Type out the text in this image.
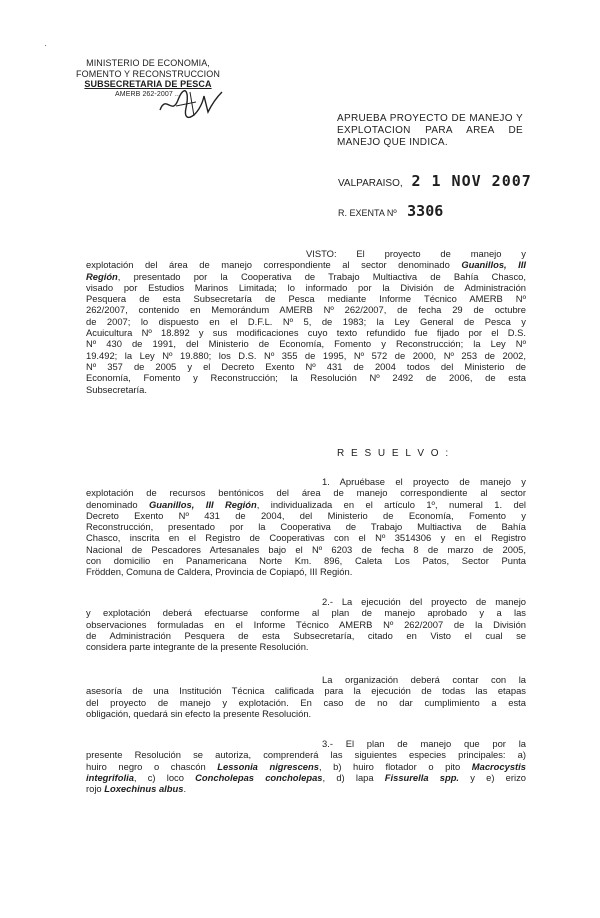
·
MINISTERIO DE ECONOMIA,
FOMENTO Y RECONSTRUCCION
SUBSECRETARIA DE PESCA
AMERB 262-2007 ...
APRUEBA PROYECTO DE MANEJO Y
EXPLOTACION PARA AREA DE
MANEJO QUE INDICA.
VALPARAISO, 2 1 NOV 2007
R. EXENTA Nº 3306
VISTO: El proyecto de manejo y
explotación del área de manejo correspondiente al sector denominado Guanillos, III
Región, presentado por la Cooperativa de Trabajo Multiactiva de Bahía Chasco,
visado por Estudios Marinos Limitada; lo informado por la División de Administración
Pesquera de esta Subsecretaría de Pesca mediante Informe Técnico AMERB Nº
262/2007, contenido en Memorándum AMERB Nº 262/2007, de fecha 29 de octubre
de 2007; lo dispuesto en el D.F.L. Nº 5, de 1983; la Ley General de Pesca y
Acuicultura Nº 18.892 y sus modificaciones cuyo texto refundido fue fijado por el D.S.
Nº 430 de 1991, del Ministerio de Economía, Fomento y Reconstrucción; la Ley Nº
19.492; la Ley Nº 19.880; los D.S. Nº 355 de 1995, Nº 572 de 2000, Nº 253 de 2002,
Nº 357 de 2005 y el Decreto Exento Nº 431 de 2004 todos del Ministerio de
Economía, Fomento y Reconstrucción; la Resolución Nº 2492 de 2006, de esta
Subsecretaría.
R E S U E L V O :
1. Apruébase el proyecto de manejo y
explotación de recursos bentónicos del área de manejo correspondiente al sector
denominado Guanillos, III Región, individualizada en el artículo 1º, numeral 1. del
Decreto Exento Nº 431 de 2004, del Ministerio de Economía, Fomento y
Reconstrucción, presentado por la Cooperativa de Trabajo Multiactiva de Bahía
Chasco, inscrita en el Registro de Cooperativas con el Nº 3514306 y en el Registro
Nacional de Pescadores Artesanales bajo el Nº 6203 de fecha 8 de marzo de 2005,
con domicilio en Panamericana Norte Km. 896, Caleta Los Patos, Sector Punta
Frödden, Comuna de Caldera, Provincia de Copiapó, III Región.
2.- La ejecución del proyecto de manejo
y explotación deberá efectuarse conforme al plan de manejo aprobado y a las
observaciones formuladas en el Informe Técnico AMERB Nº 262/2007 de la División
de Administración Pesquera de esta Subsecretaría, citado en Visto el cual se
considera parte integrante de la presente Resolución.
La organización deberá contar con la
asesoría de una Institución Técnica calificada para la ejecución de todas las etapas
del proyecto de manejo y explotación. En caso de no dar cumplimiento a esta
obligación, quedará sin efecto la presente Resolución.
3.- El plan de manejo que por la
presente Resolución se autoriza, comprenderá las siguientes especies principales: a)
huiro negro o chascón Lessonia nigrescens, b) huiro flotador o pito Macrocystis
integrifolia, c) loco Concholepas concholepas, d) lapa Fissurella spp. y e) erizo
rojo Loxechinus albus.
